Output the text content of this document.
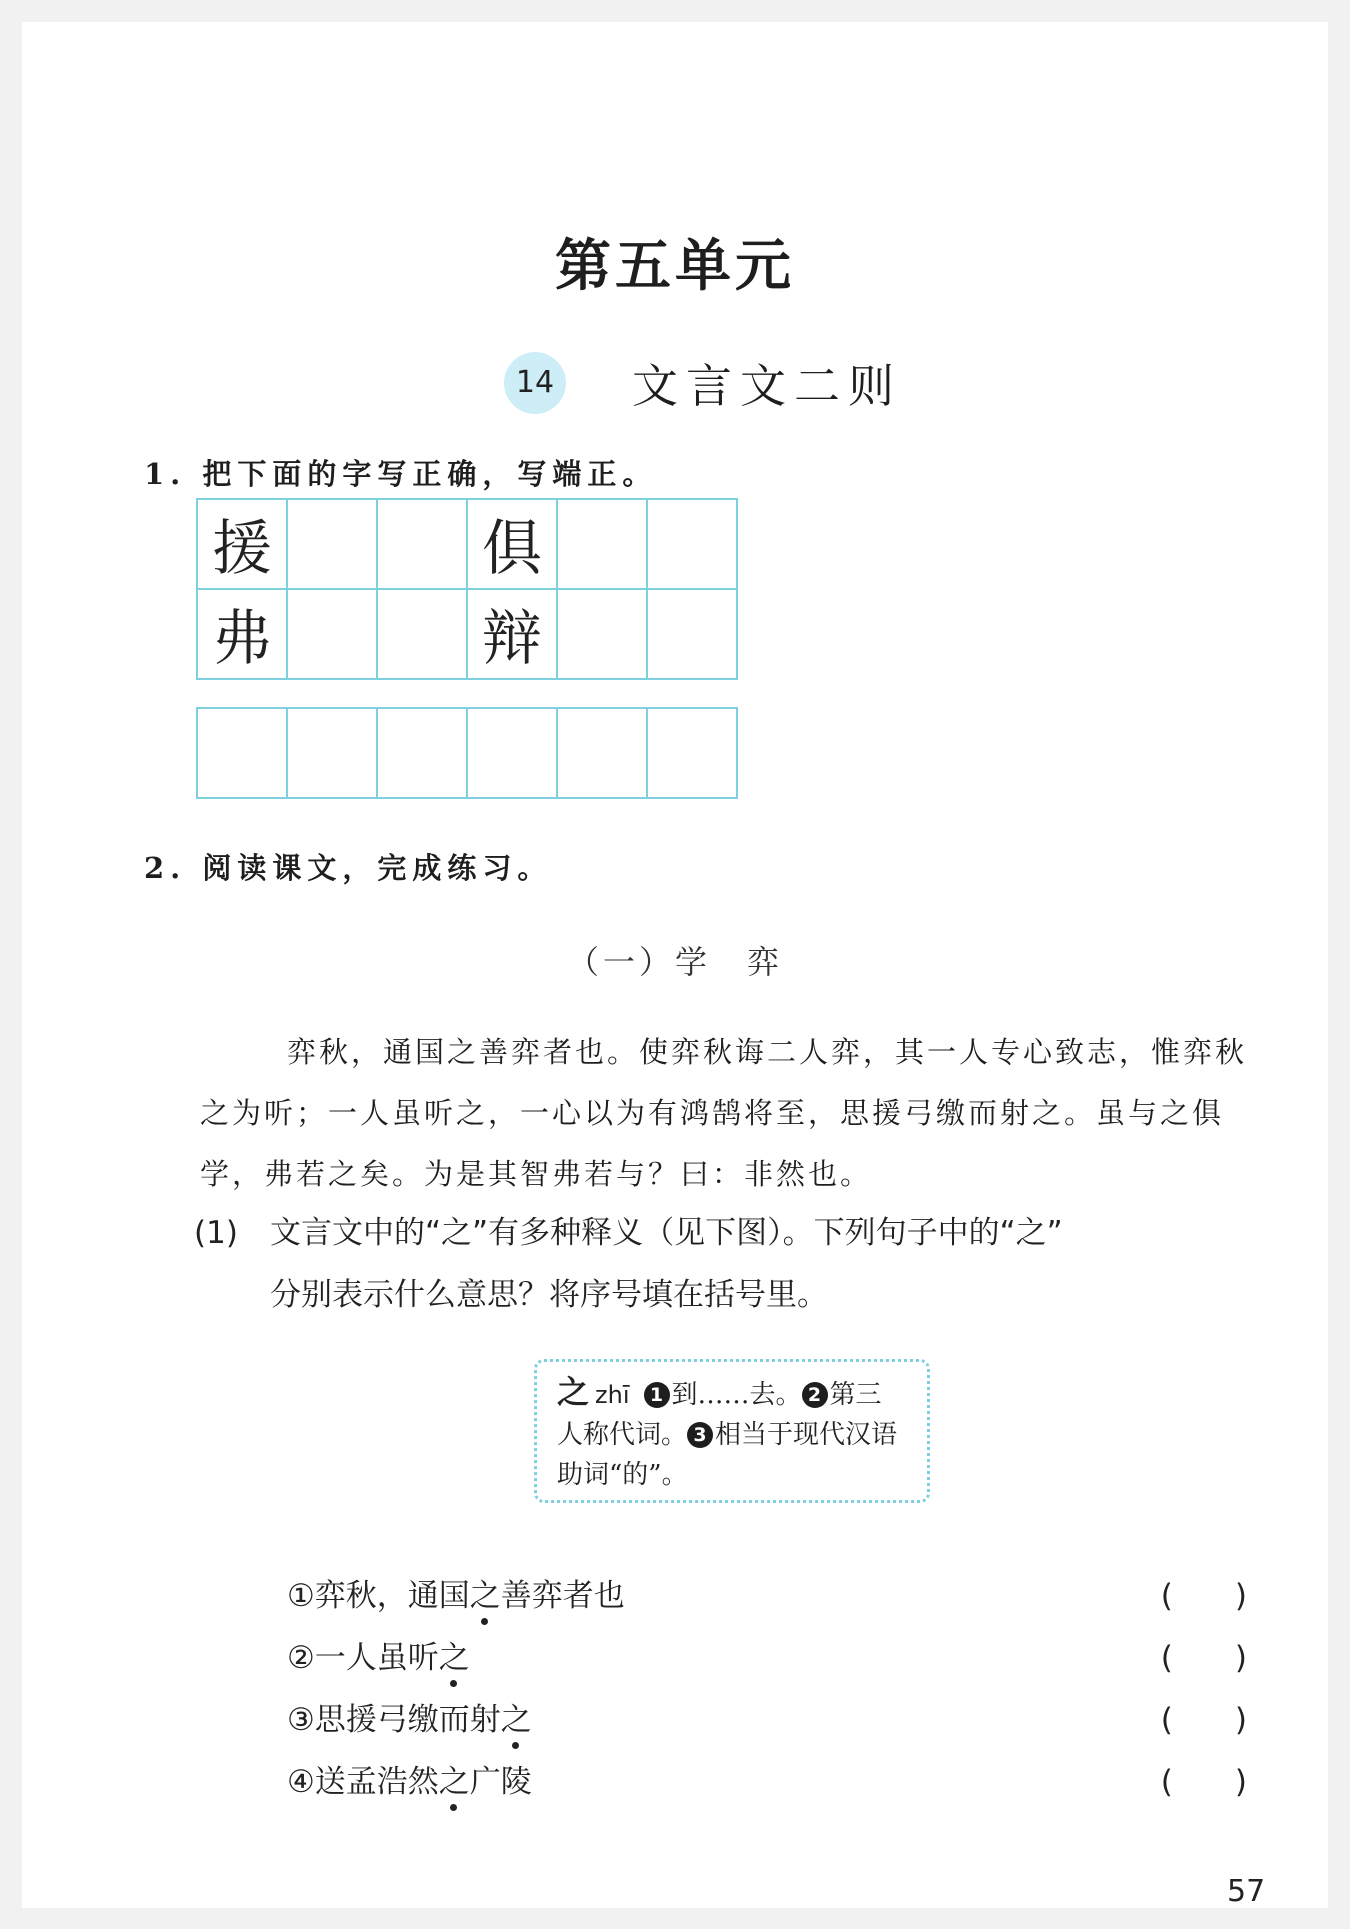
第五单元
14 文言文二则
1. 把下面的字写正确，写端正。
援			俱		
弗			辩		

2. 阅读课文，完成练习。
（一）学　弈
弈秋，通国之善弈者也。使弈秋诲二人弈，其一人专心致志，惟弈秋之为听；一人虽听之，一心以为有鸿鹄将至，思援弓缴而射之。虽与之俱学，弗若之矣。为是其智弗若与？曰：非然也。
(1) 文言文中的“之”有多种释义（见下图）。下列句子中的“之”
分别表示什么意思？将序号填在括号里。
之 zhī 1 到……去。 2 第三人称代词。 3 相当于现代汉语助词“的”。
①弈秋，通国之善弈者也	(　　)
②一人虽听之	(　　)
③思援弓缴而射之	(　　)
④送孟浩然之广陵	(　　)
57
